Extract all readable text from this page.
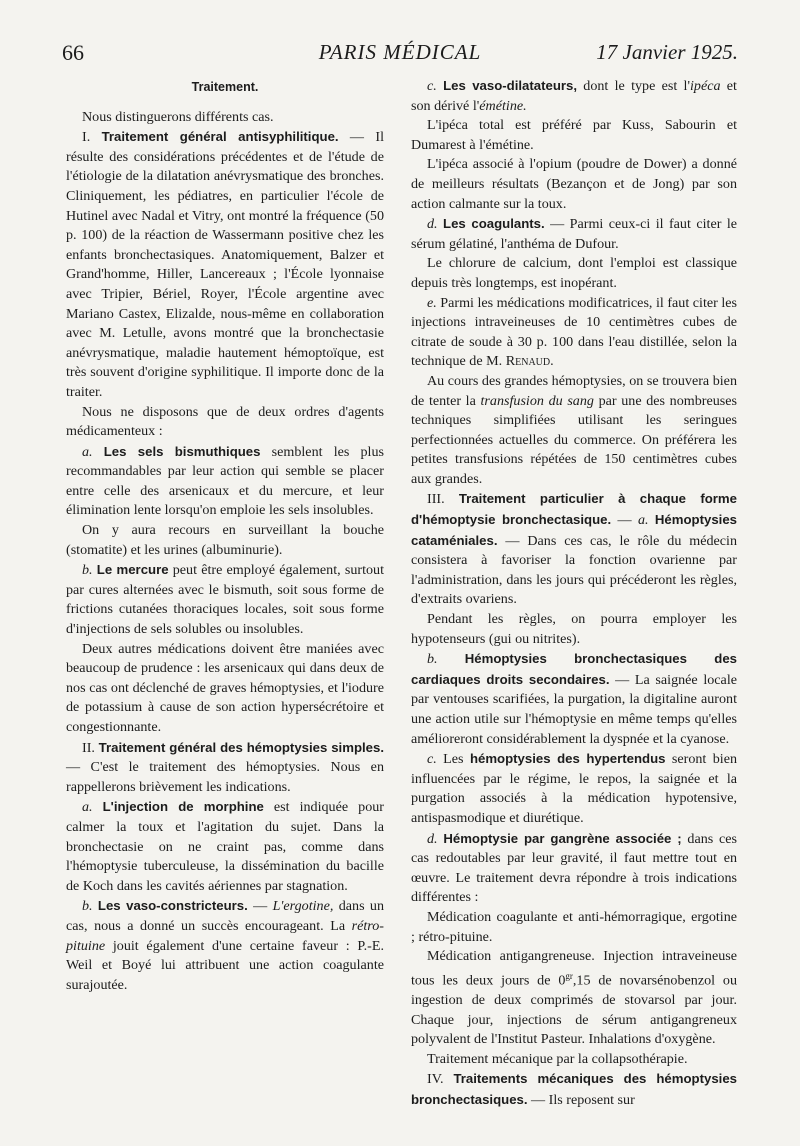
66	PARIS MÉDICAL	17 Janvier 1925.
Traitement.

Nous distinguerons différents cas.

I. Traitement général antisyphilitique. — Il résulte des considérations précédentes et de l'étude de l'étiologie de la dilatation anévrysmatique des bronches. Cliniquement, les pédiatres, en particulier l'école de Hutinel avec Nadal et Vitry, ont montré la fréquence (50 p. 100) de la réaction de Wassermann positive chez les enfants bronchectasiques. Anatomiquement, Balzer et Grand'homme, Hiller, Lancereaux ; l'École lyonnaise avec Tripier, Bériel, Royer, l'École argentine avec Mariano Castex, Elizalde, nous-même en collaboration avec M. Letulle, avons montré que la bronchectasie anévrysmatique, maladie hautement hémoptoïque, est très souvent d'origine syphilitique. Il importe donc de la traiter.

Nous ne disposons que de deux ordres d'agents médicamenteux :

a. Les sels bismuthiques semblent les plus recommandables par leur action qui semble se placer entre celle des arsenicaux et du mercure, et leur élimination lente lorsqu'on emploie les sels insolubles.

On y aura recours en surveillant la bouche (stomatite) et les urines (albuminurie).

b. Le mercure peut être employé également, surtout par cures alternées avec le bismuth, soit sous forme de frictions cutanées thoraciques locales, soit sous forme d'injections de sels solubles ou insolubles.

Deux autres médications doivent être maniées avec beaucoup de prudence : les arsenicaux qui dans deux de nos cas ont déclenché de graves hémoptysies, et l'iodure de potassium à cause de son action hypersécrétoire et congestionnante.

II. Traitement général des hémoptysies simples. — C'est le traitement des hémoptysies. Nous en rappellerons brièvement les indications.

a. L'injection de morphine est indiquée pour calmer la toux et l'agitation du sujet. Dans la bronchectasie on ne craint pas, comme dans l'hémoptysie tuberculeuse, la dissémination du bacille de Koch dans les cavités aériennes par stagnation.

b. Les vaso-constricteurs. — L'ergotine, dans un cas, nous a donné un succès encourageant. La rétro-pituine jouit également d'une certaine faveur : P.-E. Weil et Boyé lui attribuent une action coagulante surajoutée.

c. Les vaso-dilatateurs, dont le type est l'ipéca et son dérivé l'émétine.

L'ipéca total est préféré par Kuss, Sabourin et Dumarest à l'émétine.

L'ipéca associé à l'opium (poudre de Dower) a donné de meilleurs résultats (Bezançon et de Jong) par son action calmante sur la toux.

d. Les coagulants. — Parmi ceux-ci il faut citer le sérum gélatiné, l'anthéma de Dufour.

Le chlorure de calcium, dont l'emploi est classique depuis très longtemps, est inopérant.

e. Parmi les médications modificatrices, il faut citer les injections intraveineuses de 10 centimètres cubes de citrate de soude à 30 p. 100 dans l'eau distillée, selon la technique de M. Renaud.

Au cours des grandes hémoptysies, on se trouvera bien de tenter la transfusion du sang par une des nombreuses techniques simplifiées utilisant les seringues perfectionnées actuelles du commerce. On préférera les petites transfusions répétées de 150 centimètres cubes aux grandes.

III. Traitement particulier à chaque forme d'hémoptysie bronchectasique. — a. Hémoptysies cataméniales. — Dans ces cas, le rôle du médecin consistera à favoriser la fonction ovarienne par l'administration, dans les jours qui précéderont les règles, d'extraits ovariens.

Pendant les règles, on pourra employer les hypotenseurs (gui ou nitrites).

b. Hémoptysies bronchectasiques des cardiaques droits secondaires. — La saignée locale par ventouses scarifiées, la purgation, la digitaline auront une action utile sur l'hémoptysie en même temps qu'elles amélioreront considérablement la dyspnée et la cyanose.

c. Les hémoptysies des hypertendus seront bien influencées par le régime, le repos, la saignée et la purgation associés à la médication hypotensive, antispasmodique et diurétique.

d. Hémoptysie par gangrène associée ; dans ces cas redoutables par leur gravité, il faut mettre tout en œuvre. Le traitement devra répondre à trois indications différentes :

Médication coagulante et anti-hémorragique, ergotine ; rétro-pituine.

Médication antigangreneuse. Injection intraveineuse tous les deux jours de $0^{gr},15$ de novarsénobenzol ou ingestion de deux comprimés de stovarsol par jour. Chaque jour, injections de sérum antigangreneux polyvalent de l'Institut Pasteur. Inhalations d'oxygène.

Traitement mécanique par la collapsothérapie.

IV. Traitements mécaniques des hémoptysies bronchectasiques. — Ils reposent sur
